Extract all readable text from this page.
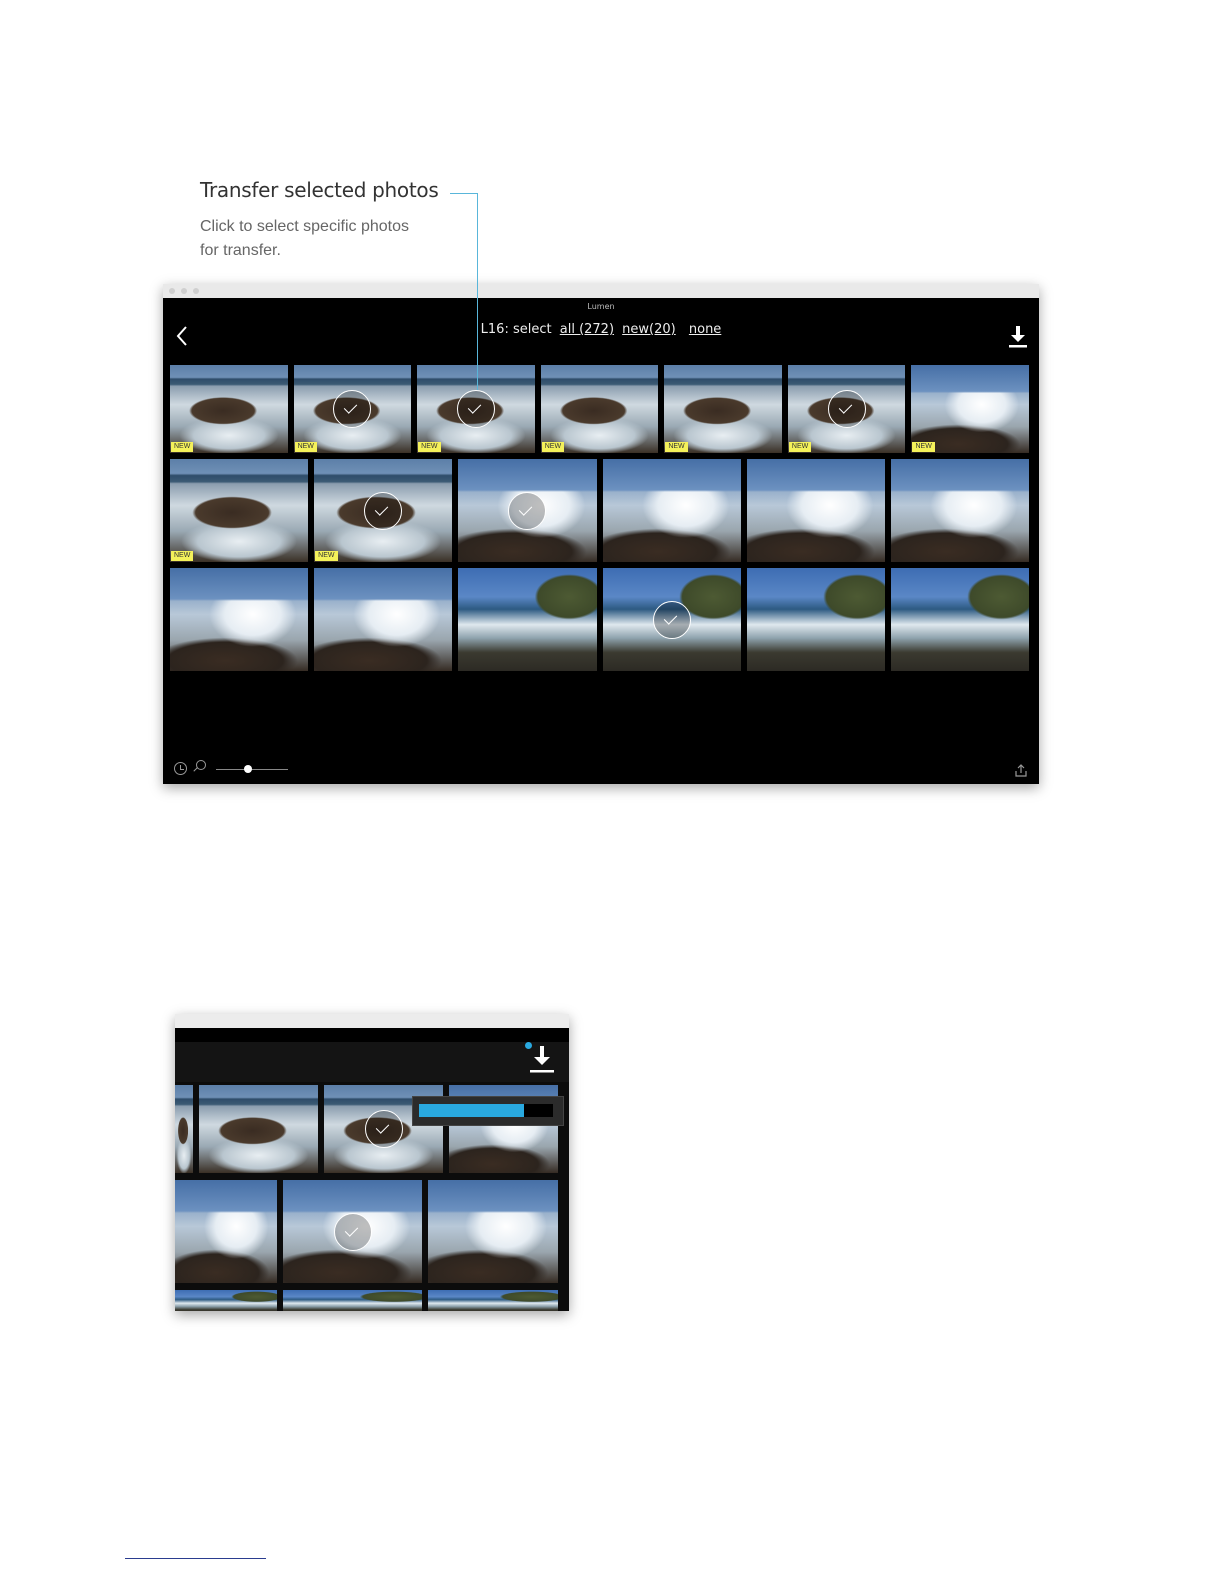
Transfer selected photos
Click to select specific photos for transfer.
Lumen
L16: select all (272) new(20) none
NEW	NEW	NEW	NEW	NEW	NEW	NEW
NEW	NEW
